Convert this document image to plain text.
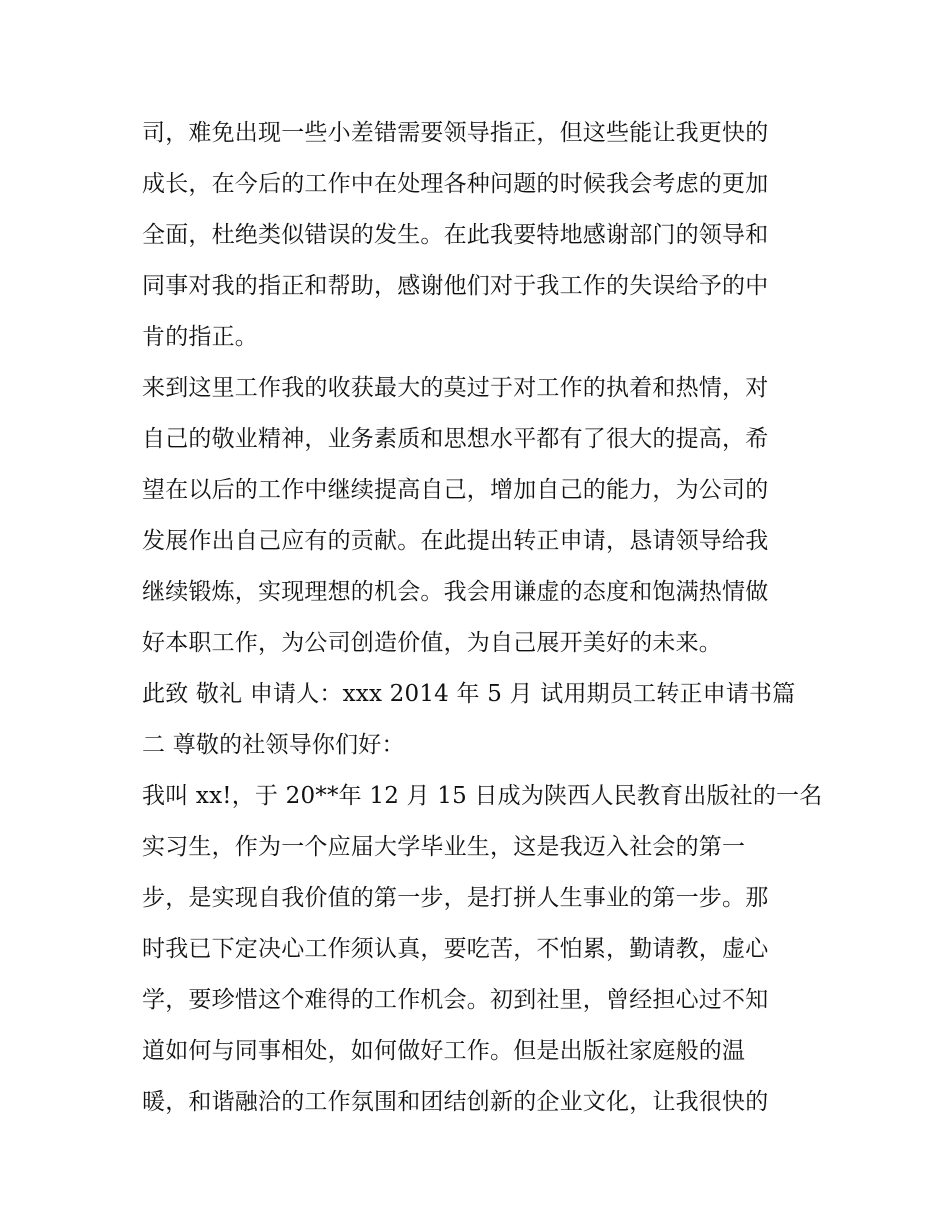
司，难免出现一些小差错需要领导指正，但这些能让我更快的
成长，在今后的工作中在处理各种问题的时候我会考虑的更加
全面，杜绝类似错误的发生。在此我要特地感谢部门的领导和
同事对我的指正和帮助，感谢他们对于我工作的失误给予的中
肯的指正。
来到这里工作我的收获最大的莫过于对工作的执着和热情，对
自己的敬业精神，业务素质和思想水平都有了很大的提高，希
望在以后的工作中继续提高自己，增加自己的能力，为公司的
发展作出自己应有的贡献。在此提出转正申请，恳请领导给我
继续锻炼，实现理想的机会。我会用谦虚的态度和饱满热情做
好本职工作，为公司创造价值，为自己展开美好的未来。
此致 敬礼 申请人：xxx 2014 年 5 月 试用期员工转正申请书篇
二 尊敬的社领导你们好：
我叫 xx!，于 20**年 12 月 15 日成为陕西人民教育出版社的一名
实习生，作为一个应届大学毕业生，这是我迈入社会的第一
步，是实现自我价值的第一步，是打拼人生事业的第一步。那
时我已下定决心工作须认真，要吃苦，不怕累，勤请教，虚心
学，要珍惜这个难得的工作机会。初到社里，曾经担心过不知
道如何与同事相处，如何做好工作。但是出版社家庭般的温
暖，和谐融洽的工作氛围和团结创新的企业文化，让我很快的
